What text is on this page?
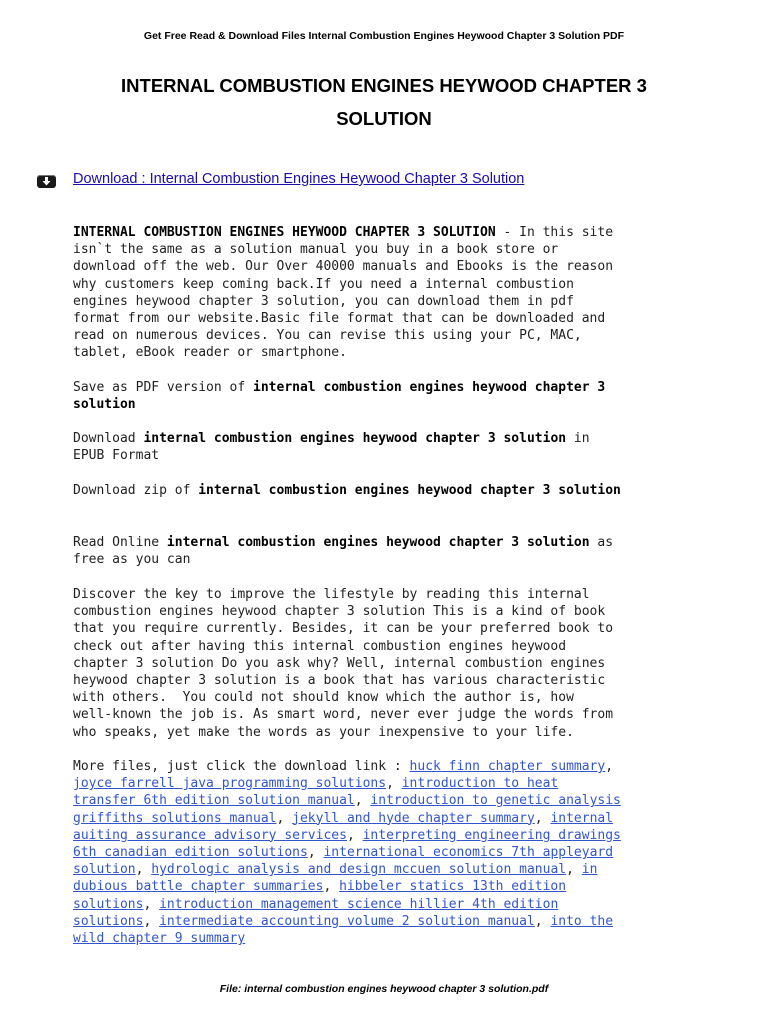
Get Free Read & Download Files Internal Combustion Engines Heywood Chapter 3 Solution PDF
INTERNAL COMBUSTION ENGINES HEYWOOD CHAPTER 3
SOLUTION
Download : Internal Combustion Engines Heywood Chapter 3 Solution
INTERNAL COMBUSTION ENGINES HEYWOOD CHAPTER 3 SOLUTION - In this site
isn`t the same as a solution manual you buy in a book store or
download off the web. Our Over 40000 manuals and Ebooks is the reason
why customers keep coming back.If you need a internal combustion
engines heywood chapter 3 solution, you can download them in pdf
format from our website.Basic file format that can be downloaded and
read on numerous devices. You can revise this using your PC, MAC,
tablet, eBook reader or smartphone.
Save as PDF version of internal combustion engines heywood chapter 3
solution
Download internal combustion engines heywood chapter 3 solution in
EPUB Format
Download zip of internal combustion engines heywood chapter 3 solution
Read Online internal combustion engines heywood chapter 3 solution as
free as you can
Discover the key to improve the lifestyle by reading this internal
combustion engines heywood chapter 3 solution This is a kind of book
that you require currently. Besides, it can be your preferred book to
check out after having this internal combustion engines heywood
chapter 3 solution Do you ask why? Well, internal combustion engines
heywood chapter 3 solution is a book that has various characteristic
with others.  You could not should know which the author is, how
well-known the job is. As smart word, never ever judge the words from
who speaks, yet make the words as your inexpensive to your life.
More files, just click the download link : huck finn chapter summary,
joyce farrell java programming solutions, introduction to heat
transfer 6th edition solution manual, introduction to genetic analysis
griffiths solutions manual, jekyll and hyde chapter summary, internal
auiting assurance advisory services, interpreting engineering drawings
6th canadian edition solutions, international economics 7th appleyard
solution, hydrologic analysis and design mccuen solution manual, in
dubious battle chapter summaries, hibbeler statics 13th edition
solutions, introduction management science hillier 4th edition
solutions, intermediate accounting volume 2 solution manual, into the
wild chapter 9 summary
File: internal combustion engines heywood chapter 3 solution.pdf
